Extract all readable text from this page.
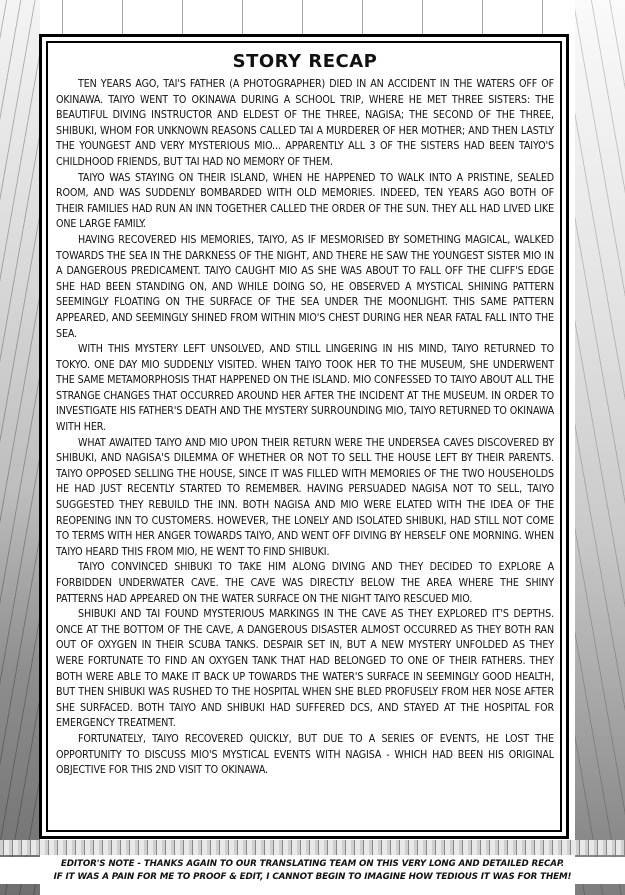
STORY RECAP

TEN YEARS AGO, TAI'S FATHER (A PHOTOGRAPHER) DIED IN AN ACCIDENT IN THE WATERS OFF OF OKINAWA. TAIYO WENT TO OKINAWA DURING A SCHOOL TRIP, WHERE HE MET THREE SISTERS: THE BEAUTIFUL DIVING INSTRUCTOR AND ELDEST OF THE THREE, NAGISA; THE SECOND OF THE THREE, SHIBUKI, WHOM FOR UNKNOWN REASONS CALLED TAI A MURDERER OF HER MOTHER; AND THEN LASTLY THE YOUNGEST AND VERY MYSTERIOUS MIO... APPARENTLY ALL 3 OF THE SISTERS HAD BEEN TAIYO'S CHILDHOOD FRIENDS, BUT TAI HAD NO MEMORY OF THEM.

TAIYO WAS STAYING ON THEIR ISLAND, WHEN HE HAPPENED TO WALK INTO A PRISTINE, SEALED ROOM, AND WAS SUDDENLY BOMBARDED WITH OLD MEMORIES. INDEED, TEN YEARS AGO BOTH OF THEIR FAMILIES HAD RUN AN INN TOGETHER CALLED THE ORDER OF THE SUN. THEY ALL HAD LIVED LIKE ONE LARGE FAMILY.

HAVING RECOVERED HIS MEMORIES, TAIYO, AS IF MESMORISED BY SOMETHING MAGICAL, WALKED TOWARDS THE SEA IN THE DARKNESS OF THE NIGHT, AND THERE HE SAW THE YOUNGEST SISTER MIO IN A DANGEROUS PREDICAMENT. TAIYO CAUGHT MIO AS SHE WAS ABOUT TO FALL OFF THE CLIFF'S EDGE SHE HAD BEEN STANDING ON, AND WHILE DOING SO, HE OBSERVED A MYSTICAL SHINING PATTERN SEEMINGLY FLOATING ON THE SURFACE OF THE SEA UNDER THE MOONLIGHT. THIS SAME PATTERN APPEARED, AND SEEMINGLY SHINED FROM WITHIN MIO'S CHEST DURING HER NEAR FATAL FALL INTO THE SEA.

WITH THIS MYSTERY LEFT UNSOLVED, AND STILL LINGERING IN HIS MIND, TAIYO RETURNED TO TOKYO. ONE DAY MIO SUDDENLY VISITED. WHEN TAIYO TOOK HER TO THE MUSEUM, SHE UNDERWENT THE SAME METAMORPHOSIS THAT HAPPENED ON THE ISLAND. MIO CONFESSED TO TAIYO ABOUT ALL THE STRANGE CHANGES THAT OCCURRED AROUND HER AFTER THE INCIDENT AT THE MUSEUM. IN ORDER TO INVESTIGATE HIS FATHER'S DEATH AND THE MYSTERY SURROUNDING MIO, TAIYO RETURNED TO OKINAWA WITH HER.

WHAT AWAITED TAIYO AND MIO UPON THEIR RETURN WERE THE UNDERSEA CAVES DISCOVERED BY SHIBUKI, AND NAGISA'S DILEMMA OF WHETHER OR NOT TO SELL THE HOUSE LEFT BY THEIR PARENTS. TAIYO OPPOSED SELLING THE HOUSE, SINCE IT WAS FILLED WITH MEMORIES OF THE TWO HOUSEHOLDS HE HAD JUST RECENTLY STARTED TO REMEMBER. HAVING PERSUADED NAGISA NOT TO SELL, TAIYO SUGGESTED THEY REBUILD THE INN. BOTH NAGISA AND MIO WERE ELATED WITH THE IDEA OF THE REOPENING INN TO CUSTOMERS. HOWEVER, THE LONELY AND ISOLATED SHIBUKI, HAD STILL NOT COME TO TERMS WITH HER ANGER TOWARDS TAIYO, AND WENT OFF DIVING BY HERSELF ONE MORNING. WHEN TAIYO HEARD THIS FROM MIO, HE WENT TO FIND SHIBUKI.

TAIYO CONVINCED SHIBUKI TO TAKE HIM ALONG DIVING AND THEY DECIDED TO EXPLORE A FORBIDDEN UNDERWATER CAVE. THE CAVE WAS DIRECTLY BELOW THE AREA WHERE THE SHINY PATTERNS HAD APPEARED ON THE WATER SURFACE ON THE NIGHT TAIYO RESCUED MIO.

SHIBUKI AND TAI FOUND MYSTERIOUS MARKINGS IN THE CAVE AS THEY EXPLORED IT'S DEPTHS. ONCE AT THE BOTTOM OF THE CAVE, A DANGEROUS DISASTER ALMOST OCCURRED AS THEY BOTH RAN OUT OF OXYGEN IN THEIR SCUBA TANKS. DESPAIR SET IN, BUT A NEW MYSTERY UNFOLDED AS THEY WERE FORTUNATE TO FIND AN OXYGEN TANK THAT HAD BELONGED TO ONE OF THEIR FATHERS. THEY BOTH WERE ABLE TO MAKE IT BACK UP TOWARDS THE WATER'S SURFACE IN SEEMINGLY GOOD HEALTH, BUT THEN SHIBUKI WAS RUSHED TO THE HOSPITAL WHEN SHE BLED PROFUSELY FROM HER NOSE AFTER SHE SURFACED. BOTH TAIYO AND SHIBUKI HAD SUFFERED DCS, AND STAYED AT THE HOSPITAL FOR EMERGENCY TREATMENT.

FORTUNATELY, TAIYO RECOVERED QUICKLY, BUT DUE TO A SERIES OF EVENTS, HE LOST THE OPPORTUNITY TO DISCUSS MIO'S MYSTICAL EVENTS WITH NAGISA - WHICH HAD BEEN HIS ORIGINAL OBJECTIVE FOR THIS 2ND VISIT TO OKINAWA.

EDITOR'S NOTE - THANKS AGAIN TO OUR TRANSLATING TEAM ON THIS VERY LONG AND DETAILED RECAP.
IF IT WAS A PAIN FOR ME TO PROOF & EDIT, I CANNOT BEGIN TO IMAGINE HOW TEDIOUS IT WAS FOR THEM!
